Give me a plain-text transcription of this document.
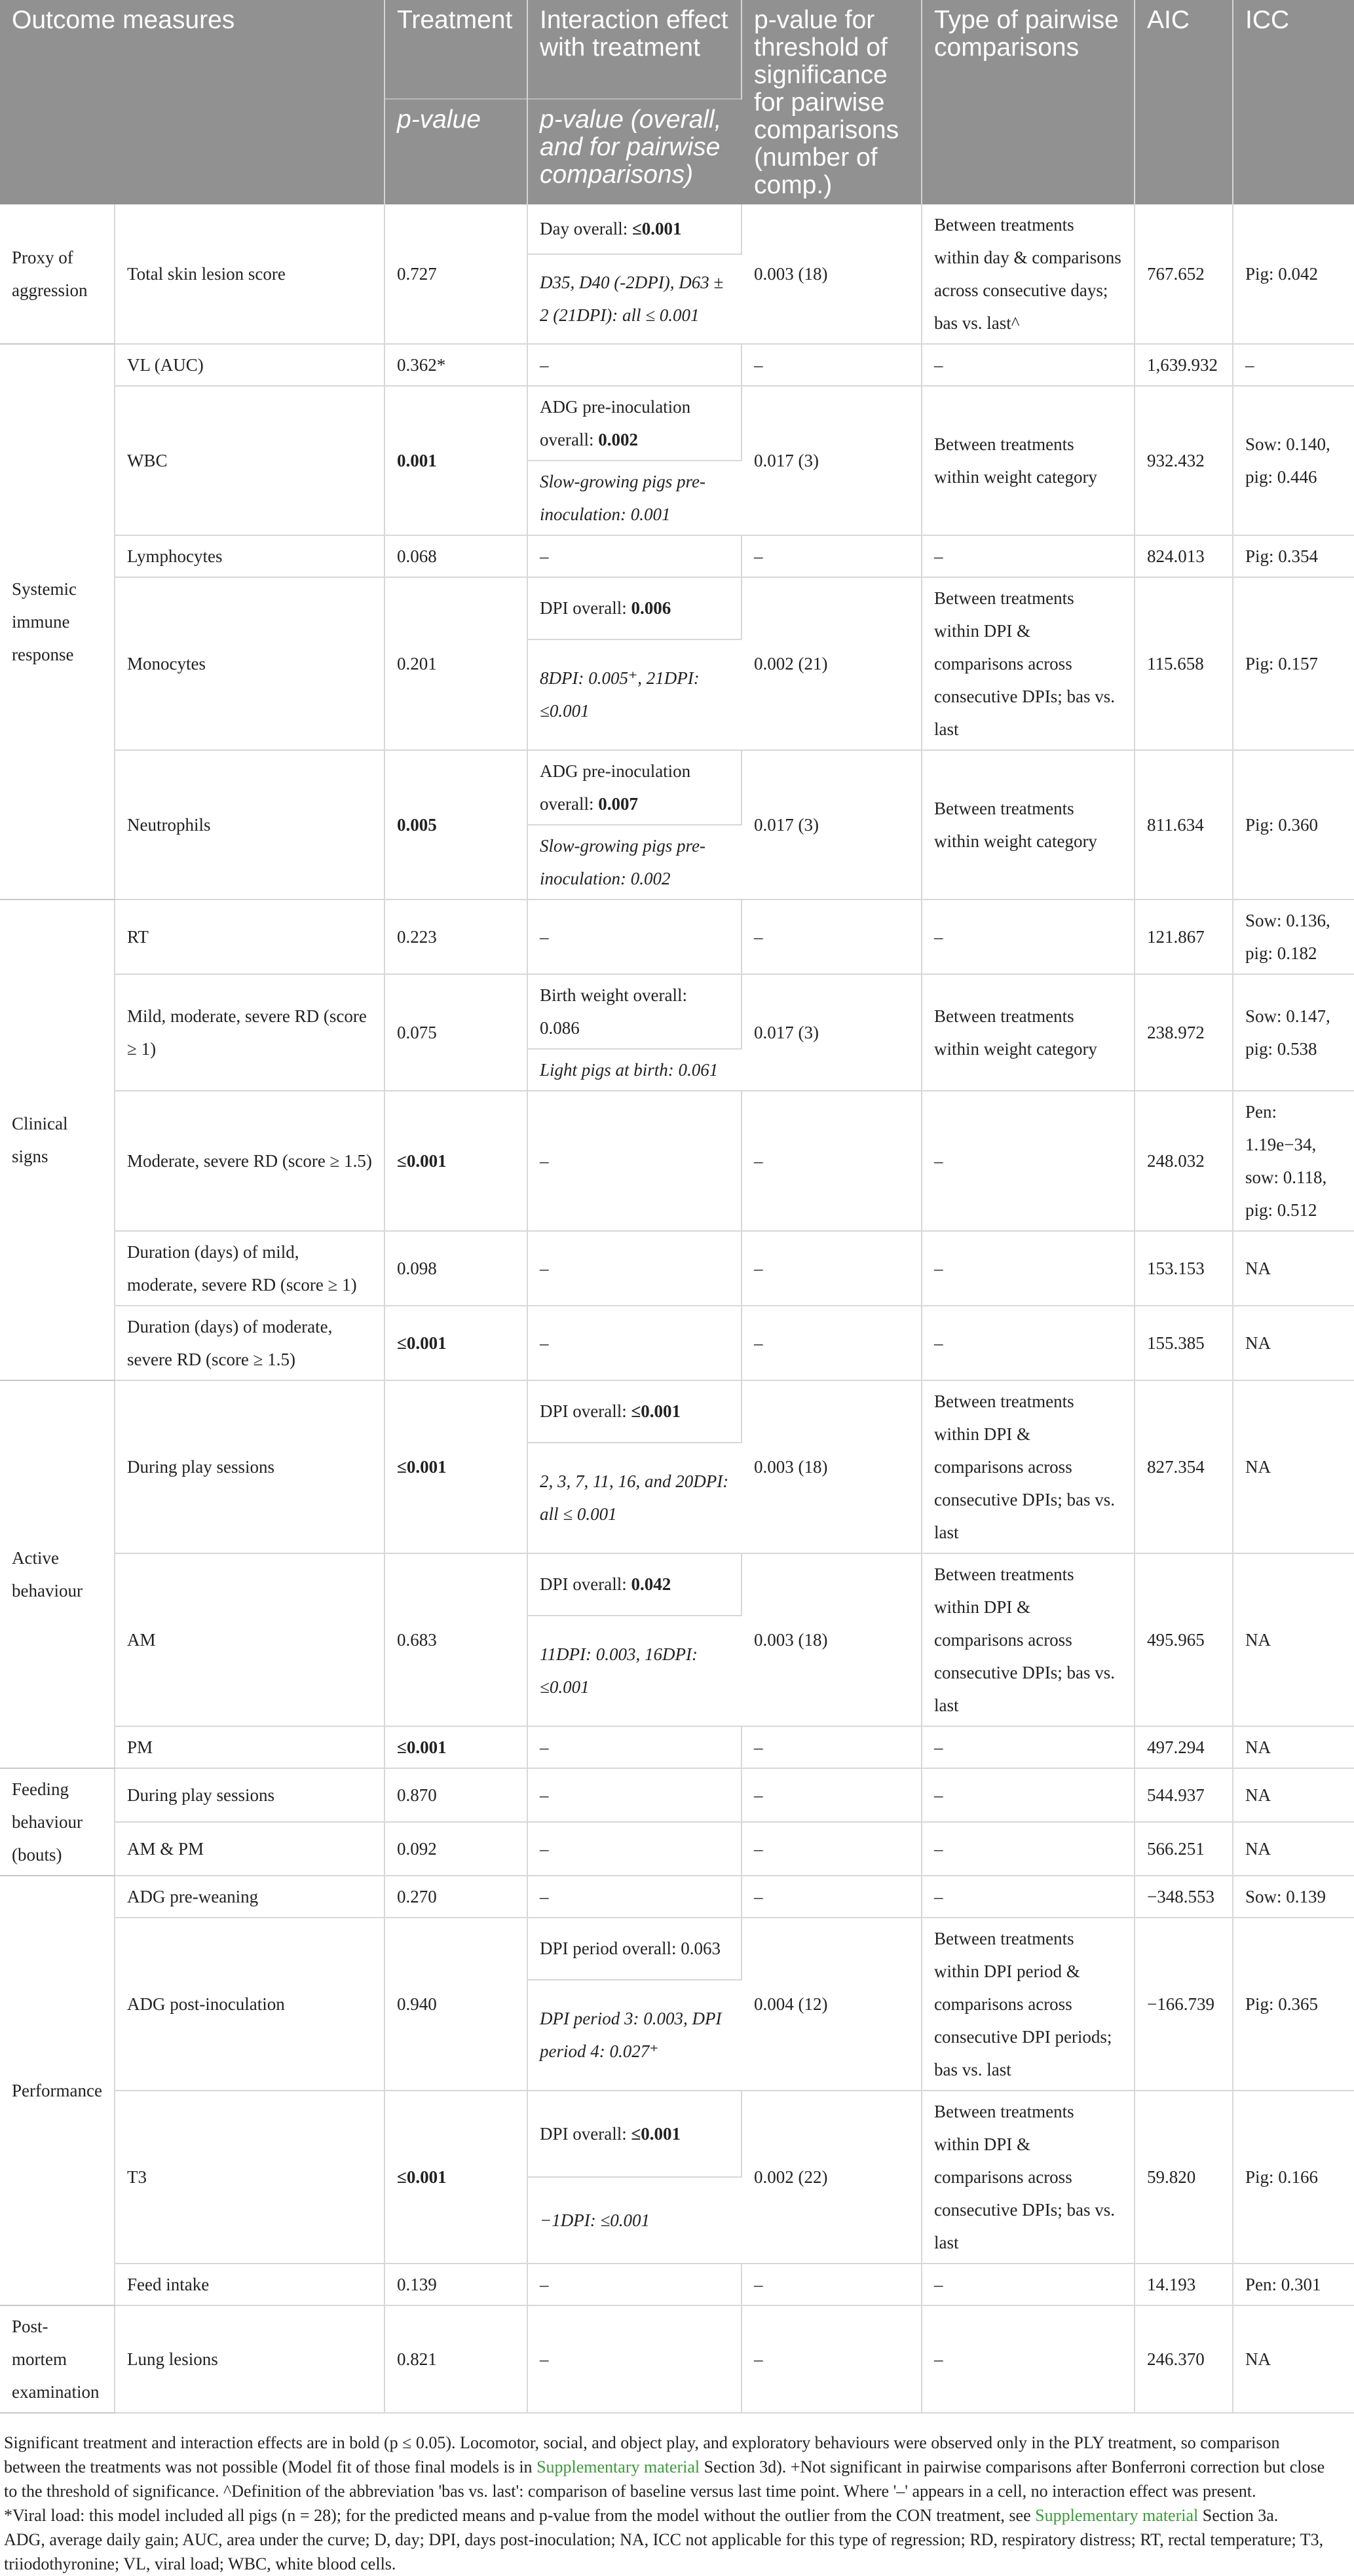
Outcome measures		Treatment	Interaction effect with treatment	p-value for threshold of significance for pairwise comparisons (number of comp.)	Type of pairwise comparisons	AIC	ICC
		p-value	p-value (overall, and for pairwise comparisons)				
Proxy of aggression	Total skin lesion score	0.727	Day overall: ≤0.001	0.003 (18)	Between treatments within day & comparisons across consecutive days; bas vs. last^	767.652	Pig: 0.042
			D35, D40 (-2DPI), D63 ± 2 (21DPI): all ≤ 0.001				
Systemic immune response	VL (AUC)	0.362*	–	–	–	1,639.932	–
	WBC	0.001	ADG pre-inoculation overall: 0.002	0.017 (3)	Between treatments within weight category	932.432	Sow: 0.140, pig: 0.446
			Slow-growing pigs pre-inoculation: 0.001				
	Lymphocytes	0.068	–	–	–	824.013	Pig: 0.354
	Monocytes	0.201	DPI overall: 0.006	0.002 (21)	Between treatments within DPI & comparisons across consecutive DPIs; bas vs. last	115.658	Pig: 0.157
			8DPI: 0.005⁺, 21DPI: ≤0.001				
	Neutrophils	0.005	ADG pre-inoculation overall: 0.007	0.017 (3)	Between treatments within weight category	811.634	Pig: 0.360
			Slow-growing pigs pre-inoculation: 0.002				
Clinical signs	RT	0.223	–	–	–	121.867	Sow: 0.136, pig: 0.182
	Mild, moderate, severe RD (score ≥ 1)	0.075	Birth weight overall: 0.086	0.017 (3)	Between treatments within weight category	238.972	Sow: 0.147, pig: 0.538
			Light pigs at birth: 0.061				
	Moderate, severe RD (score ≥ 1.5)	≤0.001	–	–	–	248.032	Pen: 1.19e−34, sow: 0.118, pig: 0.512
	Duration (days) of mild, moderate, severe RD (score ≥ 1)	0.098	–	–	–	153.153	NA
	Duration (days) of moderate, severe RD (score ≥ 1.5)	≤0.001	–	–	–	155.385	NA
Active behaviour	During play sessions	≤0.001	DPI overall: ≤0.001	0.003 (18)	Between treatments within DPI & comparisons across consecutive DPIs; bas vs. last	827.354	NA
			2, 3, 7, 11, 16, and 20DPI: all ≤ 0.001				
	AM	0.683	DPI overall: 0.042	0.003 (18)	Between treatments within DPI & comparisons across consecutive DPIs; bas vs. last	495.965	NA
			11DPI: 0.003, 16DPI: ≤0.001				
	PM	≤0.001	–	–	–	497.294	NA
Feeding behaviour (bouts)	During play sessions	0.870	–	–	–	544.937	NA
	AM & PM	0.092	–	–	–	566.251	NA
Performance	ADG pre-weaning	0.270	–	–	–	−348.553	Sow: 0.139
	ADG post-inoculation	0.940	DPI period overall: 0.063	0.004 (12)	Between treatments within DPI period & comparisons across consecutive DPI periods; bas vs. last	−166.739	Pig: 0.365
			DPI period 3: 0.003, DPI period 4: 0.027⁺				
	T3	≤0.001	DPI overall: ≤0.001	0.002 (22)	Between treatments within DPI & comparisons across consecutive DPIs; bas vs. last	59.820	Pig: 0.166
			−1DPI: ≤0.001				
	Feed intake	0.139	–	–	–	14.193	Pen: 0.301
Post-mortem examination	Lung lesions	0.821	–	–	–	246.370	NA
Significant treatment and interaction effects are in bold (p ≤ 0.05). Locomotor, social, and object play, and exploratory behaviours were observed only in the PLY treatment, so comparison between the treatments was not possible (Model fit of those final models is in Supplementary material Section 3d). +Not significant in pairwise comparisons after Bonferroni correction but close to the threshold of significance. ^Definition of the abbreviation 'bas vs. last': comparison of baseline versus last time point. Where '–' appears in a cell, no interaction effect was present.
*Viral load: this model included all pigs (n = 28); for the predicted means and p-value from the model without the outlier from the CON treatment, see Supplementary material Section 3a.
ADG, average daily gain; AUC, area under the curve; D, day; DPI, days post-inoculation; NA, ICC not applicable for this type of regression; RD, respiratory distress; RT, rectal temperature; T3, triiodothyronine; VL, viral load; WBC, white blood cells.
